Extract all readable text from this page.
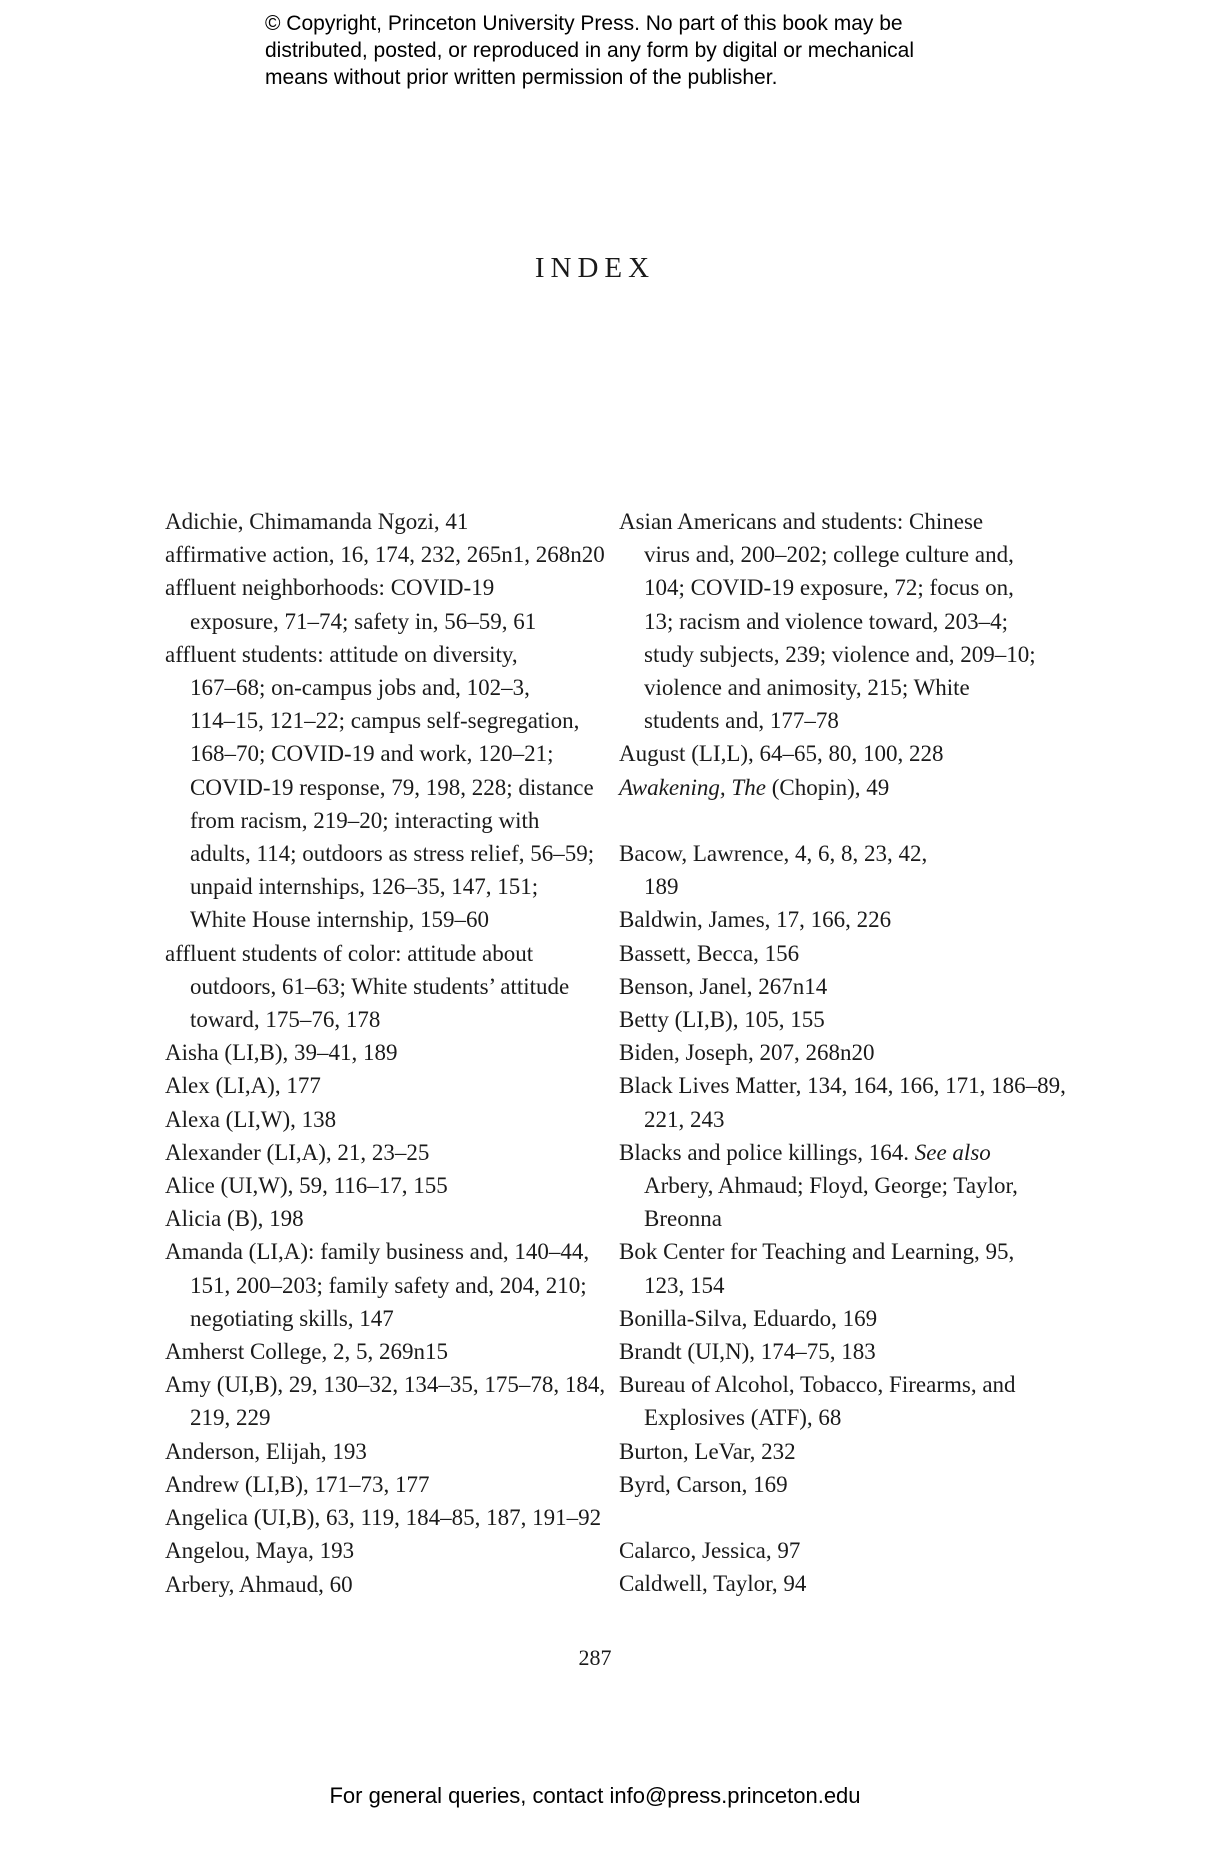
© Copyright, Princeton University Press. No part of this book may be
distributed, posted, or reproduced in any form by digital or mechanical
means without prior written permission of the publisher.
INDEX
Adichie, Chimamanda Ngozi, 41
affirmative action, 16, 174, 232, 265n1, 268n20
affluent neighborhoods: COVID-19
exposure, 71–74; safety in, 56–59, 61
affluent students: attitude on diversity,
167–68; on-campus jobs and, 102–3,
114–15, 121–22; campus self-segregation,
168–70; COVID-19 and work, 120–21;
COVID-19 response, 79, 198, 228; distance
from racism, 219–20; interacting with
adults, 114; outdoors as stress relief, 56–59;
unpaid internships, 126–35, 147, 151;
White House internship, 159–60
affluent students of color: attitude about
outdoors, 61–63; White students’ attitude
toward, 175–76, 178
Aisha (LI,B), 39–41, 189
Alex (LI,A), 177
Alexa (LI,W), 138
Alexander (LI,A), 21, 23–25
Alice (UI,W), 59, 116–17, 155
Alicia (B), 198
Amanda (LI,A): family business and, 140–44,
151, 200–203; family safety and, 204, 210;
negotiating skills, 147
Amherst College, 2, 5, 269n15
Amy (UI,B), 29, 130–32, 134–35, 175–78, 184,
219, 229
Anderson, Elijah, 193
Andrew (LI,B), 171–73, 177
Angelica (UI,B), 63, 119, 184–85, 187, 191–92
Angelou, Maya, 193
Arbery, Ahmaud, 60
Asian Americans and students: Chinese
virus and, 200–202; college culture and,
104; COVID-19 exposure, 72; focus on,
13; racism and violence toward, 203–4;
study subjects, 239; violence and, 209–10;
violence and animosity, 215; White
students and, 177–78
August (LI,L), 64–65, 80, 100, 228
Awakening, The (Chopin), 49
Bacow, Lawrence, 4, 6, 8, 23, 42,
189
Baldwin, James, 17, 166, 226
Bassett, Becca, 156
Benson, Janel, 267n14
Betty (LI,B), 105, 155
Biden, Joseph, 207, 268n20
Black Lives Matter, 134, 164, 166, 171, 186–89,
221, 243
Blacks and police killings, 164. See also
Arbery, Ahmaud; Floyd, George; Taylor,
Breonna
Bok Center for Teaching and Learning, 95,
123, 154
Bonilla-Silva, Eduardo, 169
Brandt (UI,N), 174–75, 183
Bureau of Alcohol, Tobacco, Firearms, and
Explosives (ATF), 68
Burton, LeVar, 232
Byrd, Carson, 169
Calarco, Jessica, 97
Caldwell, Taylor, 94
287
For general queries, contact info@press.princeton.edu
